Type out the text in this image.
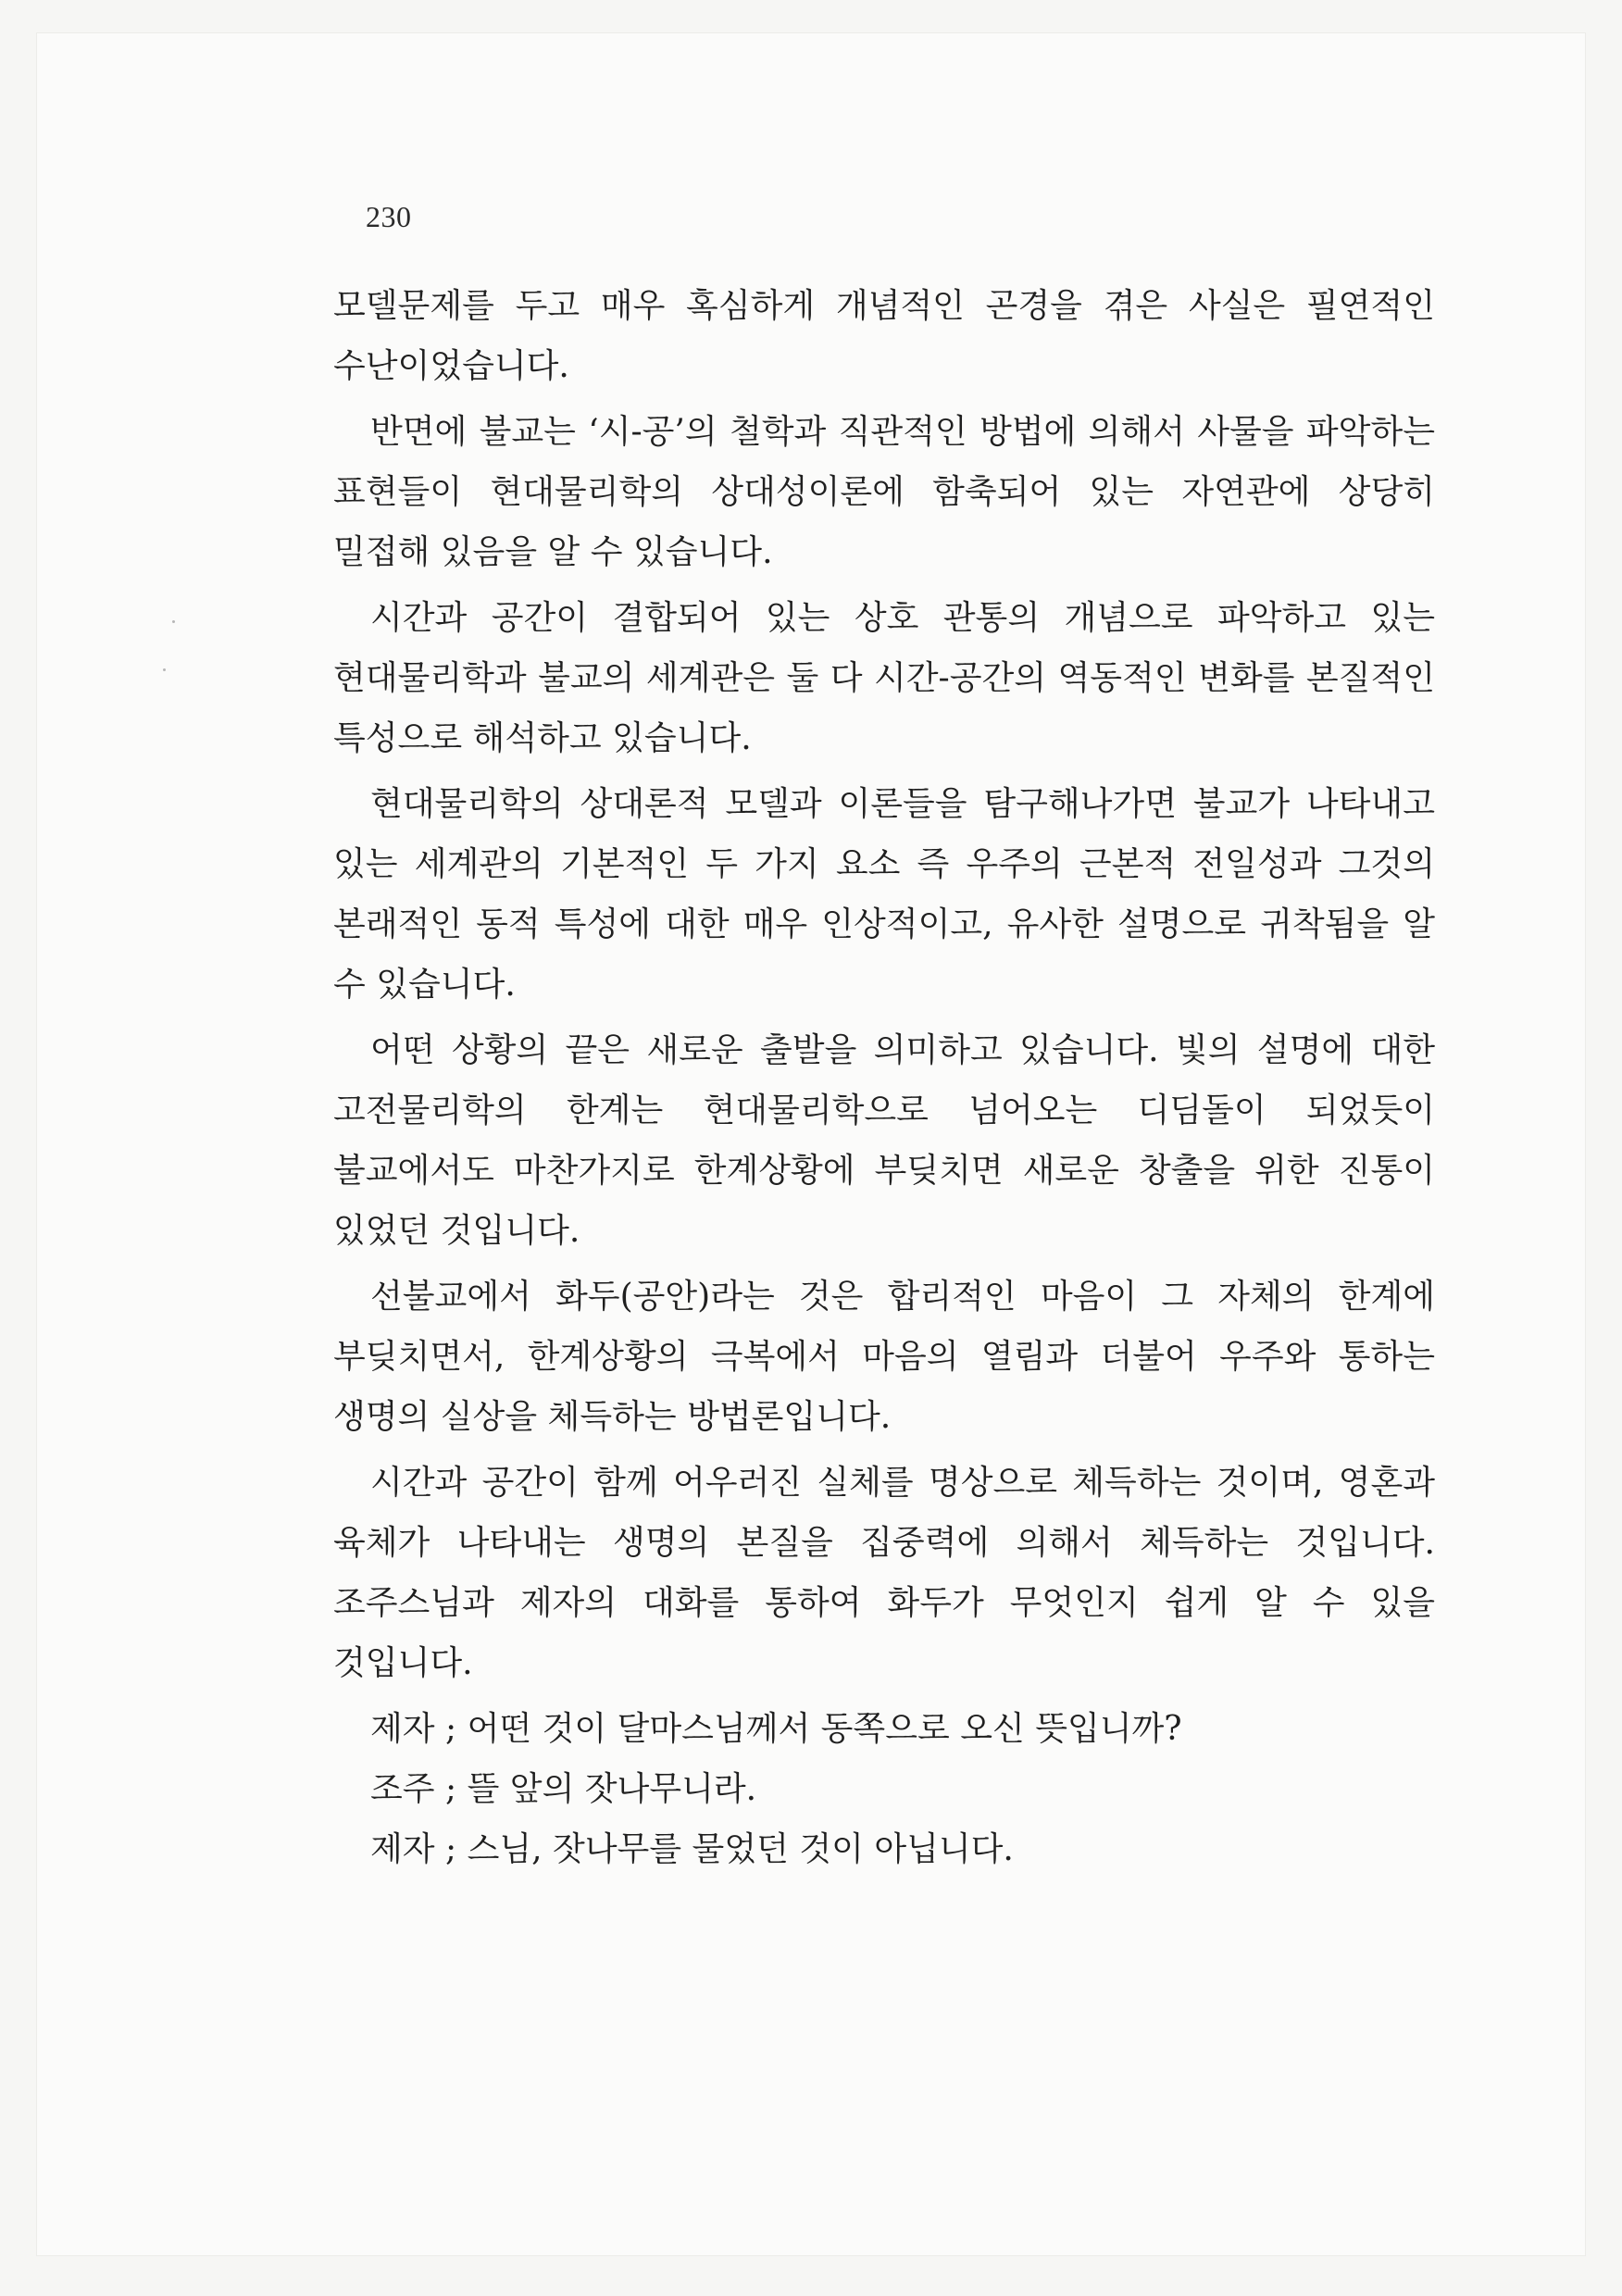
230

모델문제를 두고 매우 혹심하게 개념적인 곤경을 겪은 사실은 필연적인 수난이었습니다.

반면에 불교는 ‘시-공’의 철학과 직관적인 방법에 의해서 사물을 파악하는 표현들이 현대물리학의 상대성이론에 함축되어 있는 자연관에 상당히 밀접해 있음을 알 수 있습니다.

시간과 공간이 결합되어 있는 상호 관통의 개념으로 파악하고 있는 현대물리학과 불교의 세계관은 둘 다 시간-공간의 역동적인 변화를 본질적인 특성으로 해석하고 있습니다.

현대물리학의 상대론적 모델과 이론들을 탐구해나가면 불교가 나타내고 있는 세계관의 기본적인 두 가지 요소 즉 우주의 근본적 전일성과 그것의 본래적인 동적 특성에 대한 매우 인상적이고, 유사한 설명으로 귀착됨을 알 수 있습니다.

어떤 상황의 끝은 새로운 출발을 의미하고 있습니다. 빛의 설명에 대한 고전물리학의 한계는 현대물리학으로 넘어오는 디딤돌이 되었듯이 불교에서도 마찬가지로 한계상황에 부딪치면 새로운 창출을 위한 진통이 있었던 것입니다.

선불교에서 화두(공안)라는 것은 합리적인 마음이 그 자체의 한계에 부딪치면서, 한계상황의 극복에서 마음의 열림과 더불어 우주와 통하는 생명의 실상을 체득하는 방법론입니다.

시간과 공간이 함께 어우러진 실체를 명상으로 체득하는 것이며, 영혼과 육체가 나타내는 생명의 본질을 집중력에 의해서 체득하는 것입니다. 조주스님과 제자의 대화를 통하여 화두가 무엇인지 쉽게 알 수 있을 것입니다.

제자 ; 어떤 것이 달마스님께서 동쪽으로 오신 뜻입니까?

조주 ; 뜰 앞의 잣나무니라.

제자 ; 스님, 잣나무를 물었던 것이 아닙니다.
